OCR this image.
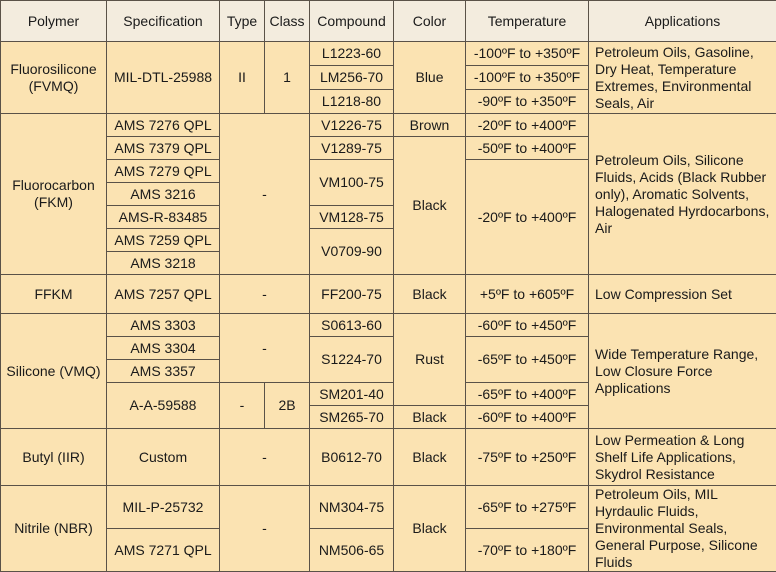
Polymer	Specification	Type	Class	Compound	Color	Temperature	Applications
Fluorosilicone (FVMQ)	MIL-DTL-25988	II	1	L1223-60	Blue	-100ºF to +350ºF	Petroleum Oils, Gasoline, Dry Heat, Temperature Extremes, Environmental Seals, Air
				LM256-70		-100ºF to +350ºF	
				L1218-80		-90ºF to +350ºF	
Fluorocarbon (FKM)	AMS 7276 QPL	-		V1226-75	Brown	-20ºF to +400ºF	Petroleum Oils, Silicone Fluids, Acids (Black Rubber only), Aromatic Solvents, Halogenated Hyrdocarbons, Air
	AMS 7379 QPL			V1289-75	Black	-50ºF to +400ºF	
	AMS 7279 QPL			VM100-75		-20ºF to +400ºF	
	AMS 3216						
	AMS-R-83485			VM128-75			
	AMS 7259 QPL			V0709-90			
	AMS 3218						
FFKM	AMS 7257 QPL	-		FF200-75	Black	+5ºF to +605ºF	Low Compression Set
Silicone (VMQ)	AMS 3303	-		S0613-60	Rust	-60ºF to +450ºF	Wide Temperature Range, Low Closure Force Applications
	AMS 3304			S1224-70		-65ºF to +450ºF	
	AMS 3357						
	A-A-59588	-	2B	SM201-40		-65ºF to +400ºF	
				SM265-70	Black	-60ºF to +400ºF	
Butyl (IIR)	Custom	-		B0612-70	Black	-75ºF to +250ºF	Low Permeation & Long Shelf Life Applications, Skydrol Resistance
Nitrile (NBR)	MIL-P-25732	-		NM304-75	Black	-65ºF to +275ºF	Petroleum Oils, MIL Hyrdaulic Fluids, Environmental Seals, General Purpose, Silicone Fluids
	AMS 7271 QPL			NM506-65		-70ºF to +180ºF	
